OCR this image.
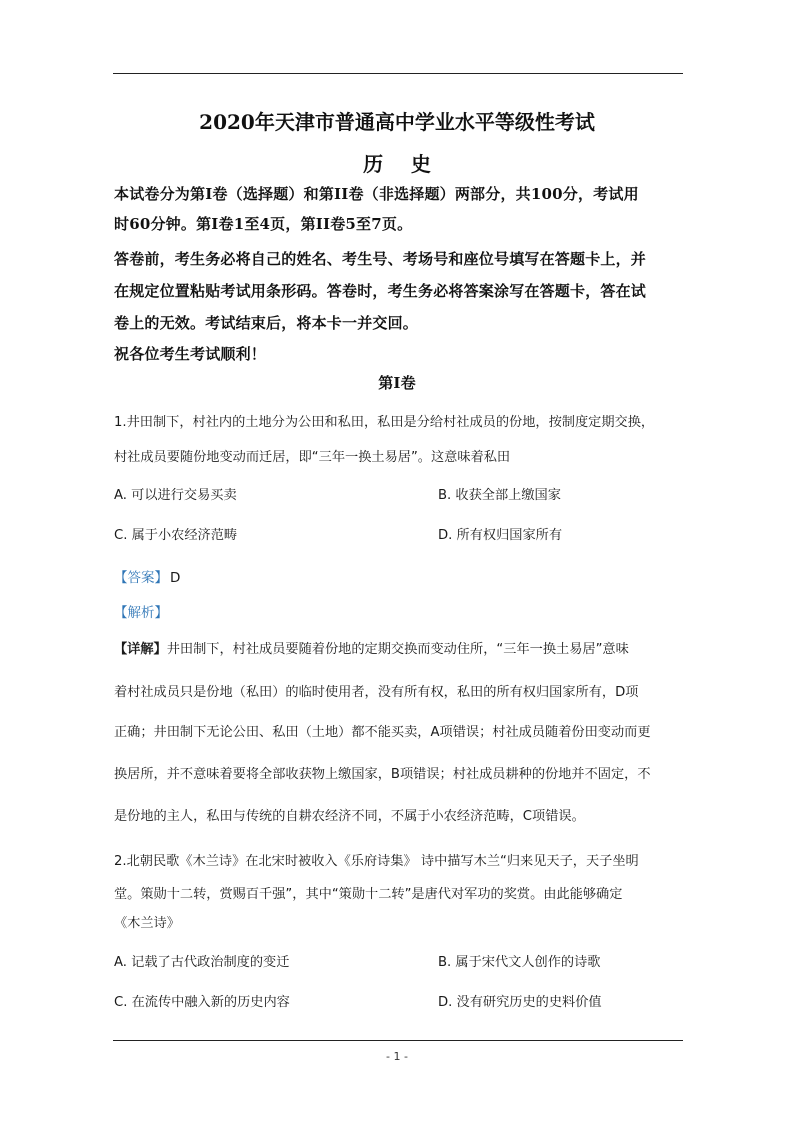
2020年天津市普通高中学业水平等级性考试
历    史
本试卷分为第Ⅰ卷（选择题）和第II卷（非选择题）两部分，共100分，考试用
时60分钟。第Ⅰ卷1至4页，第II卷5至7页。
答卷前，考生务必将自己的姓名、考生号、考场号和座位号填写在答题卡上，并
在规定位置粘贴考试用条形码。答卷时，考生务必将答案涂写在答题卡，答在试
卷上的无效。考试结束后，将本卡一并交回。
祝各位考生考试顺利！
第Ⅰ卷
1.井田制下，村社内的土地分为公田和私田，私田是分给村社成员的份地，按制度定期交换，
村社成员要随份地变动而迁居，即“三年一换土易居”。这意味着私田
A. 可以进行交易买卖	B. 收获全部上缴国家
C. 属于小农经济范畴	D. 所有权归国家所有
【答案】 D
【解析】
【详解】井田制下，村社成员要随着份地的定期交换而变动住所，“三年一换土易居”意味
着村社成员只是份地（私田）的临时使用者，没有所有权，私田的所有权归国家所有，D项
正确；井田制下无论公田、私田（土地）都不能买卖，A项错误；村社成员随着份田变动而更
换居所，并不意味着要将全部收获物上缴国家，B项错误；村社成员耕种的份地并不固定，不
是份地的主人，私田与传统的自耕农经济不同，不属于小农经济范畴，C项错误。
2.北朝民歌《木兰诗》在北宋时被收入《乐府诗集》 诗中描写木兰“归来见天子，天子坐明
堂。策勋十二转，赏赐百千强”，其中“策勋十二转”是唐代对军功的奖赏。由此能够确定
《木兰诗》
A. 记载了古代政治制度的变迁	B. 属于宋代文人创作的诗歌
C. 在流传中融入新的历史内容	D. 没有研究历史的史料价值
- 1 -
